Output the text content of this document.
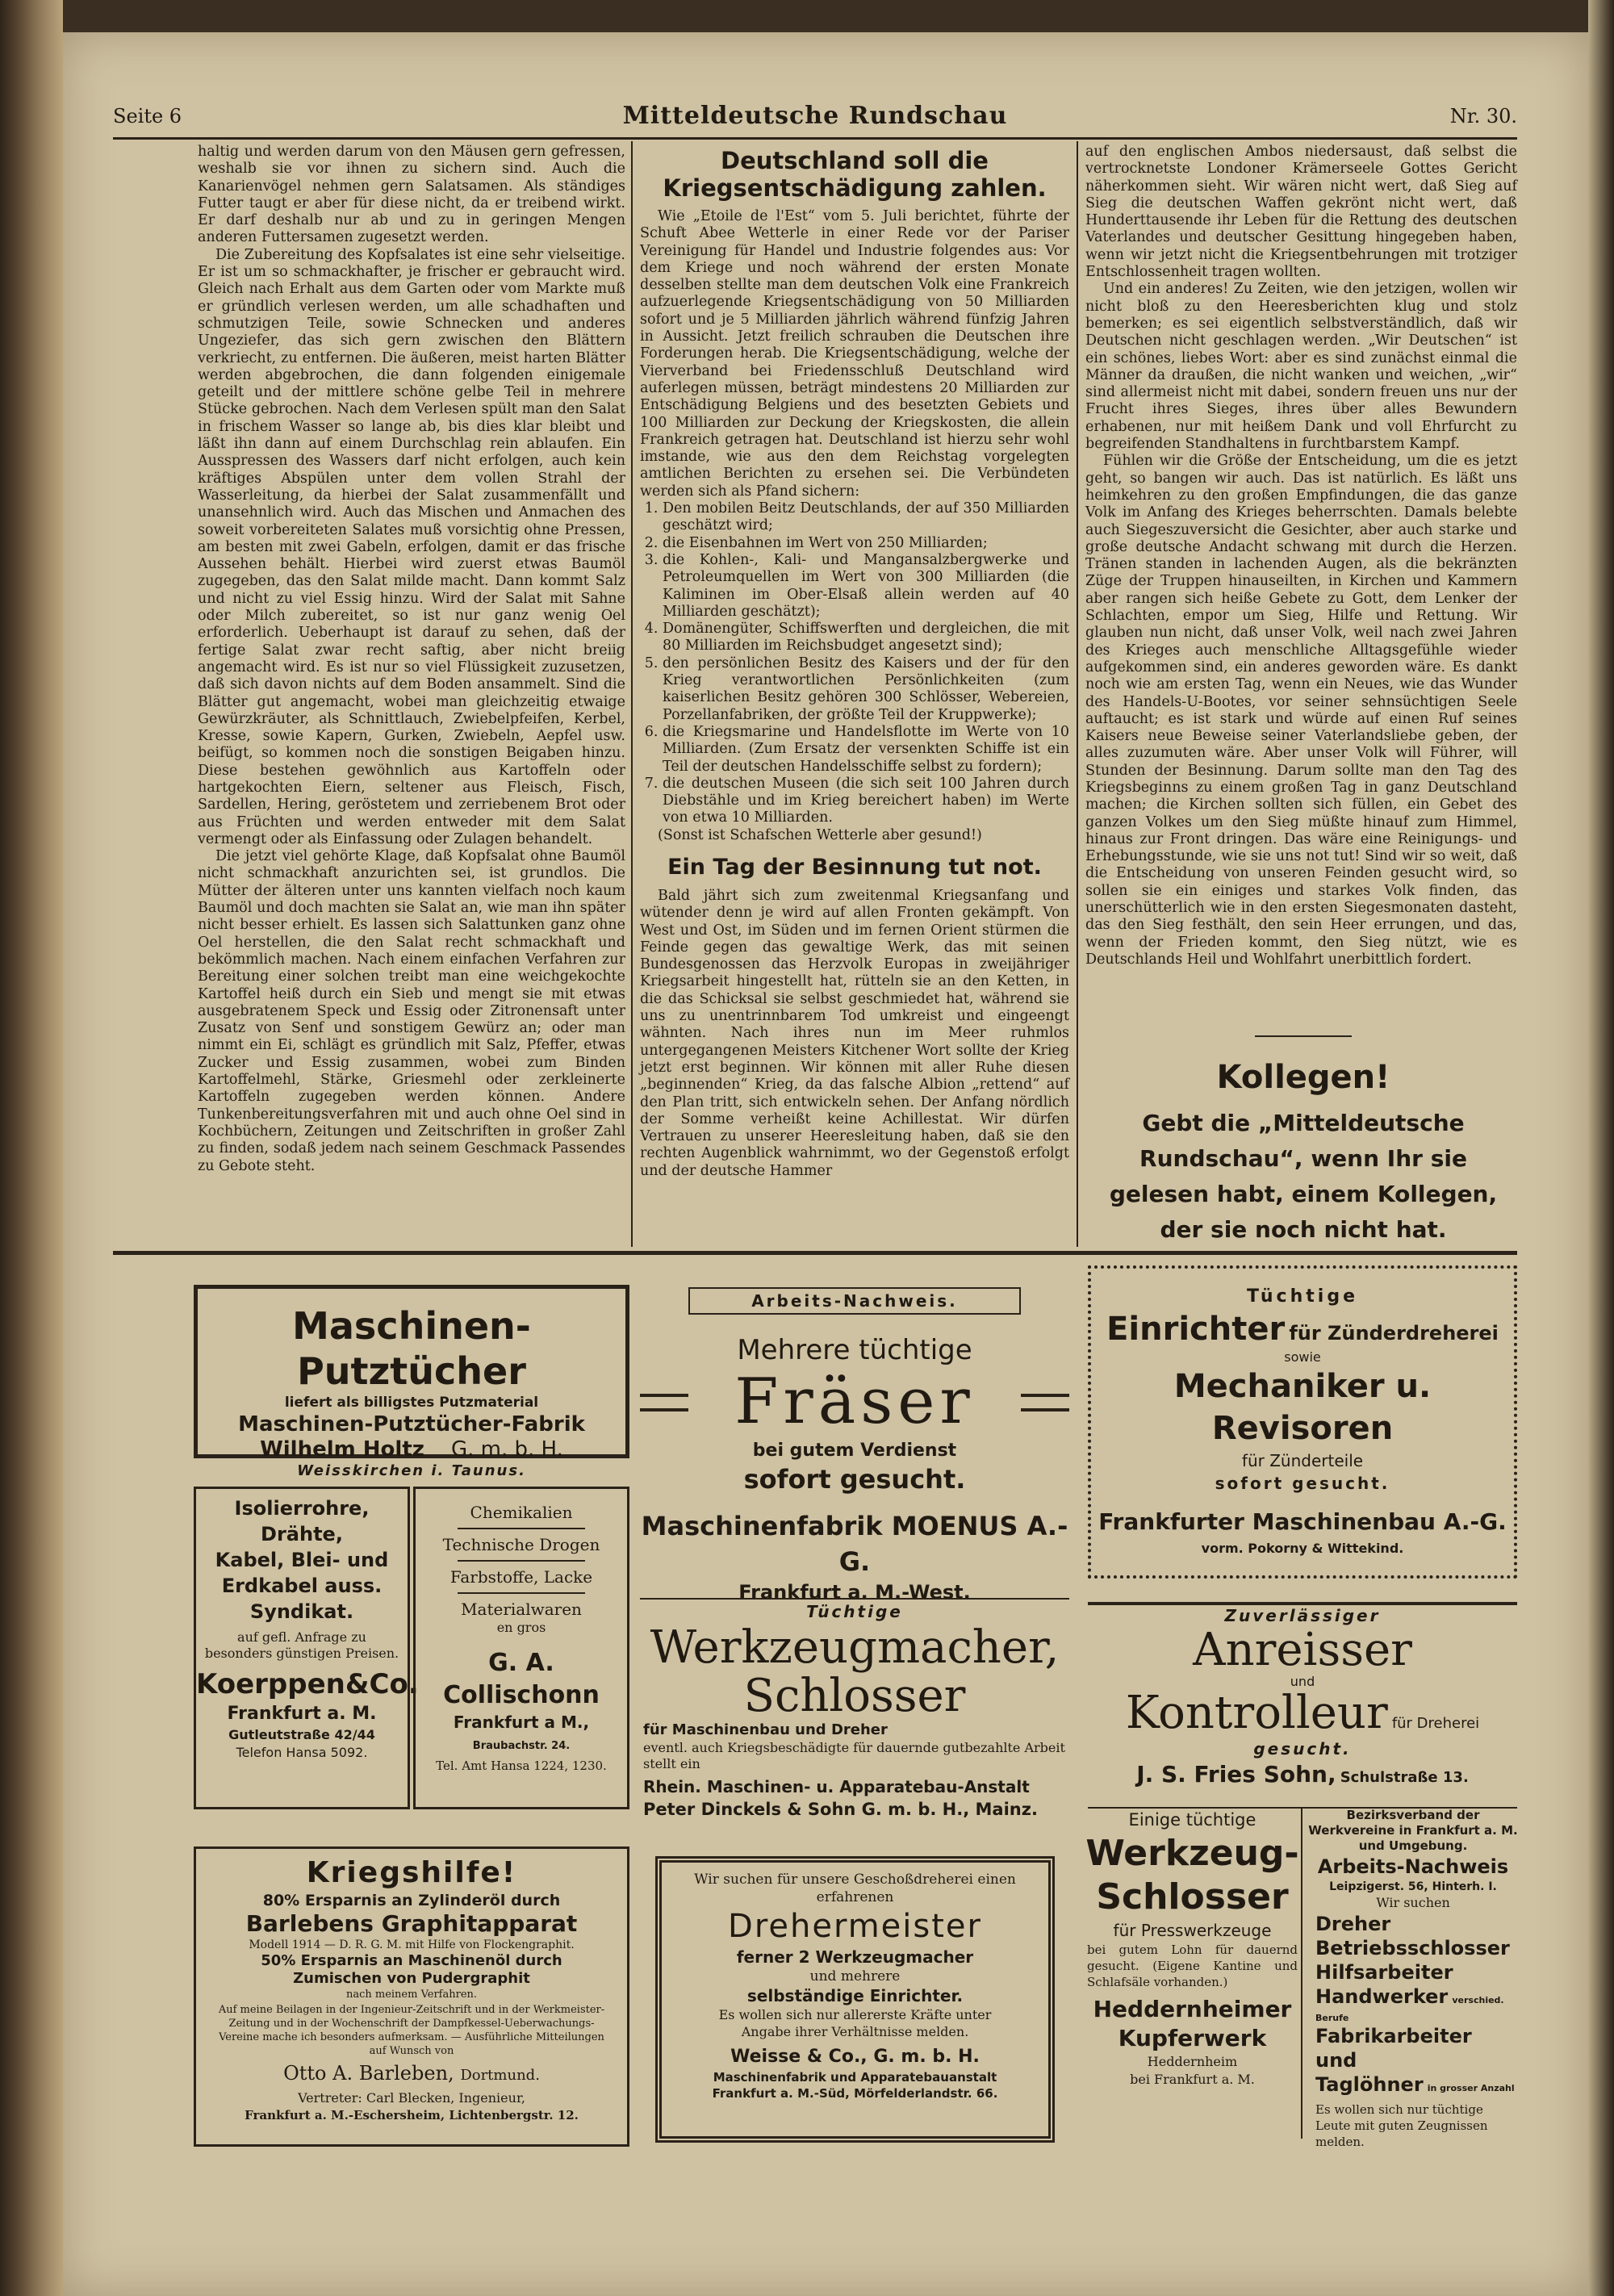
Seite 6	Mitteldeutsche Rundschau	Nr. 30.

haltig und werden darum von den Mäusen gern gefressen, weshalb sie vor ihnen zu sichern sind. Auch die Kanarienvögel nehmen gern Salatsamen. Als ständiges Futter taugt er aber für diese nicht, da er treibend wirkt. Er darf deshalb nur ab und zu in geringen Mengen anderen Futtersamen zugesetzt werden.

Die Zubereitung des Kopfsalates ist eine sehr vielseitige. Er ist um so schmackhafter, je frischer er gebraucht wird. Gleich nach Erhalt aus dem Garten oder vom Markte muß er gründlich verlesen werden, um alle schadhaften und schmutzigen Teile, sowie Schnecken und anderes Ungeziefer, das sich gern zwischen den Blättern verkriecht, zu entfernen. Die äußeren, meist harten Blätter werden abgebrochen, die dann folgenden einigemale geteilt und der mittlere schöne gelbe Teil in mehrere Stücke gebrochen. Nach dem Verlesen spült man den Salat in frischem Wasser so lange ab, bis dies klar bleibt und läßt ihn dann auf einem Durchschlag rein ablaufen. Ein Ausspressen des Wassers darf nicht erfolgen, auch kein kräftiges Abspülen unter dem vollen Strahl der Wasserleitung, da hierbei der Salat zusammenfällt und unansehnlich wird. Auch das Mischen und Anmachen des soweit vorbereiteten Salates muß vorsichtig ohne Pressen, am besten mit zwei Gabeln, erfolgen, damit er das frische Aussehen behält. Hierbei wird zuerst etwas Baumöl zugegeben, das den Salat milde macht. Dann kommt Salz und nicht zu viel Essig hinzu. Wird der Salat mit Sahne oder Milch zubereitet, so ist nur ganz wenig Oel erforderlich. Ueberhaupt ist darauf zu sehen, daß der fertige Salat zwar recht saftig, aber nicht breiig angemacht wird. Es ist nur so viel Flüssigkeit zuzusetzen, daß sich davon nichts auf dem Boden ansammelt. Sind die Blätter gut angemacht, wobei man gleichzeitig etwaige Gewürzkräuter, als Schnittlauch, Zwiebelpfeifen, Kerbel, Kresse, sowie Kapern, Gurken, Zwiebeln, Aepfel usw. beifügt, so kommen noch die sonstigen Beigaben hinzu. Diese bestehen gewöhnlich aus Kartoffeln oder hartgekochten Eiern, seltener aus Fleisch, Fisch, Sardellen, Hering, geröstetem und zerriebenem Brot oder aus Früchten und werden entweder mit dem Salat vermengt oder als Einfassung oder Zulagen behandelt.

Die jetzt viel gehörte Klage, daß Kopfsalat ohne Baumöl nicht schmackhaft anzurichten sei, ist grundlos. Die Mütter der älteren unter uns kannten vielfach noch kaum Baumöl und doch machten sie Salat an, wie man ihn später nicht besser erhielt. Es lassen sich Salattunken ganz ohne Oel herstellen, die den Salat recht schmackhaft und bekömmlich machen. Nach einem einfachen Verfahren zur Bereitung einer solchen treibt man eine weichgekochte Kartoffel heiß durch ein Sieb und mengt sie mit etwas ausgebratenem Speck und Essig oder Zitronensaft unter Zusatz von Senf und sonstigem Gewürz an; oder man nimmt ein Ei, schlägt es gründlich mit Salz, Pfeffer, etwas Zucker und Essig zusammen, wobei zum Binden Kartoffelmehl, Stärke, Griesmehl oder zerkleinerte Kartoffeln zugegeben werden können. Andere Tunkenbereitungsverfahren mit und auch ohne Oel sind in Kochbüchern, Zeitungen und Zeitschriften in großer Zahl zu finden, sodaß jedem nach seinem Geschmack Passendes zu Gebote steht.

Deutschland soll die Kriegsentschädigung zahlen.

Wie „Etoile de l'Est“ vom 5. Juli berichtet, führte der Schuft Abee Wetterle in einer Rede vor der Pariser Vereinigung für Handel und Industrie folgendes aus: Vor dem Kriege und noch während der ersten Monate desselben stellte man dem deutschen Volk eine Frankreich aufzuerlegende Kriegsentschädigung von 50 Milliarden sofort und je 5 Milliarden jährlich während fünfzig Jahren in Aussicht. Jetzt freilich schrauben die Deutschen ihre Forderungen herab. Die Kriegsentschädigung, welche der Vierverband bei Friedensschluß Deutschland wird auferlegen müssen, beträgt mindestens 20 Milliarden zur Entschädigung Belgiens und des besetzten Gebiets und 100 Milliarden zur Deckung der Kriegskosten, die allein Frankreich getragen hat. Deutschland ist hierzu sehr wohl imstande, wie aus den dem Reichstag vorgelegten amtlichen Berichten zu ersehen sei. Die Verbündeten werden sich als Pfand sichern:

1. Den mobilen Beitz Deutschlands, der auf 350 Milliarden geschätzt wird;
2. die Eisenbahnen im Wert von 250 Milliarden;
3. die Kohlen-, Kali- und Mangansalzbergwerke und Petroleumquellen im Wert von 300 Milliarden (die Kaliminen im Ober-Elsaß allein werden auf 40 Milliarden geschätzt);
4. Domänengüter, Schiffswerften und dergleichen, die mit 80 Milliarden im Reichsbudget angesetzt sind);
5. den persönlichen Besitz des Kaisers und der für den Krieg verantwortlichen Persönlichkeiten (zum kaiserlichen Besitz gehören 300 Schlösser, Webereien, Porzellanfabriken, der größte Teil der Kruppwerke);
6. die Kriegsmarine und Handelsflotte im Werte von 10 Milliarden. (Zum Ersatz der versenkten Schiffe ist ein Teil der deutschen Handelsschiffe selbst zu fordern);
7. die deutschen Museen (die sich seit 100 Jahren durch Diebstähle und im Krieg bereichert haben) im Werte von etwa 10 Milliarden.

(Sonst ist Schafschen Wetterle aber gesund!)

Ein Tag der Besinnung tut not.

Bald jährt sich zum zweitenmal Kriegsanfang und wütender denn je wird auf allen Fronten gekämpft. Von West und Ost, im Süden und im fernen Orient stürmen die Feinde gegen das gewaltige Werk, das mit seinen Bundesgenossen das Herzvolk Europas in zweijähriger Kriegsarbeit hingestellt hat, rütteln sie an den Ketten, in die das Schicksal sie selbst geschmiedet hat, während sie uns zu unentrinnbarem Tod umkreist und eingeengt wähnten. Nach ihres nun im Meer ruhmlos untergegangenen Meisters Kitchener Wort sollte der Krieg jetzt erst beginnen. Wir können mit aller Ruhe diesen „beginnenden“ Krieg, da das falsche Albion „rettend“ auf den Plan tritt, sich entwickeln sehen. Der Anfang nördlich der Somme verheißt keine Achillestat. Wir dürfen Vertrauen zu unserer Heeresleitung haben, daß sie den rechten Augenblick wahrnimmt, wo der Gegenstoß erfolgt und der deutsche Hammer

auf den englischen Ambos niedersaust, daß selbst die vertrocknetste Londoner Krämerseele Gottes Gericht näherkommen sieht. Wir wären nicht wert, daß Sieg auf Sieg die deutschen Waffen gekrönt nicht wert, daß Hunderttausende ihr Leben für die Rettung des deutschen Vaterlandes und deutscher Gesittung hingegeben haben, wenn wir jetzt nicht die Kriegsentbehrungen mit trotziger Entschlossenheit tragen wollten.

Und ein anderes! Zu Zeiten, wie den jetzigen, wollen wir nicht bloß zu den Heeresberichten klug und stolz bemerken; es sei eigentlich selbstverständlich, daß wir Deutschen nicht geschlagen werden. „Wir Deutschen“ ist ein schönes, liebes Wort: aber es sind zunächst einmal die Männer da draußen, die nicht wanken und weichen, „wir“ sind allermeist nicht mit dabei, sondern freuen uns nur der Frucht ihres Sieges, ihres über alles Bewundern erhabenen, nur mit heißem Dank und voll Ehrfurcht zu begreifenden Standhaltens in furchtbarstem Kampf.

Fühlen wir die Größe der Entscheidung, um die es jetzt geht, so bangen wir auch. Das ist natürlich. Es läßt uns heimkehren zu den großen Empfindungen, die das ganze Volk im Anfang des Krieges beherrschten. Damals belebte auch Siegeszuversicht die Gesichter, aber auch starke und große deutsche Andacht schwang mit durch die Herzen. Tränen standen in lachenden Augen, als die bekränzten Züge der Truppen hinauseilten, in Kirchen und Kammern aber rangen sich heiße Gebete zu Gott, dem Lenker der Schlachten, empor um Sieg, Hilfe und Rettung. Wir glauben nun nicht, daß unser Volk, weil nach zwei Jahren des Krieges auch menschliche Alltagsgefühle wieder aufgekommen sind, ein anderes geworden wäre. Es dankt noch wie am ersten Tag, wenn ein Neues, wie das Wunder des Handels-U-Bootes, vor seiner sehnsüchtigen Seele auftaucht; es ist stark und würde auf einen Ruf seines Kaisers neue Beweise seiner Vaterlandsliebe geben, der alles zuzumuten wäre. Aber unser Volk will Führer, will Stunden der Besinnung. Darum sollte man den Tag des Kriegsbeginns zu einem großen Tag in ganz Deutschland machen; die Kirchen sollten sich füllen, ein Gebet des ganzen Volkes um den Sieg müßte hinauf zum Himmel, hinaus zur Front dringen. Das wäre eine Reinigungs- und Erhebungsstunde, wie sie uns not tut! Sind wir so weit, daß die Entscheidung von unseren Feinden gesucht wird, so sollen sie ein einiges und starkes Volk finden, das unerschütterlich wie in den ersten Siegesmonaten dasteht, das den Sieg festhält, den sein Heer errungen, und das, wenn der Frieden kommt, den Sieg nützt, wie es Deutschlands Heil und Wohlfahrt unerbittlich fordert.

Kollegen!
Gebt die „Mitteldeutsche Rundschau“, wenn Ihr sie gelesen habt, einem Kollegen, der sie noch nicht hat.
Maschinen-Putztücher
liefert als billigstes Putzmaterial
Maschinen-Putztücher-Fabrik
Wilhelm Holtz G. m. b. H.
Weisskirchen i. Taunus.
Isolierrohre, Drähte,
Kabel, Blei- und
Erdkabel auss.
Syndikat.
auf gefl. Anfrage zu besonders günstigen Preisen.
Koerppen&Co.
Frankfurt a. M.
Gutleutstraße 42/44
Telefon Hansa 5092.
Chemikalien
Technische Drogen
Farbstoffe, Lacke
Materialwaren
en gros
G. A. Collischonn
Frankfurt a M., Braubachstr. 24.
Tel. Amt Hansa 1224, 1230.
Kriegshilfe!
80% Ersparnis an Zylinderöl durch
Barlebens Graphitapparat
Modell 1914 — D. R. G. M. mit Hilfe von Flockengraphit.
50% Ersparnis an Maschinenöl durch Zumischen von Pudergraphit
nach meinem Verfahren.
Auf meine Beilagen in der Ingenieur-Zeitschrift und in der Werkmeister-Zeitung und in der Wochenschrift der Dampfkessel-Ueberwachungs-Vereine mache ich besonders aufmerksam. — Ausführliche Mitteilungen auf Wunsch von
Otto A. Barleben, Dortmund.
Vertreter: Carl Blecken, Ingenieur,
Frankfurt a. M.-Eschersheim, Lichtenbergstr. 12.
Arbeits-Nachweis.
Mehrere tüchtige
Fräser
bei gutem Verdienst
sofort gesucht.
Maschinenfabrik MOENUS A.-G.
Frankfurt a. M.-West.
Tüchtige
Werkzeugmacher,
Schlosser
für Maschinenbau und Dreher
eventl. auch Kriegsbeschädigte für dauernde gutbezahlte Arbeit stellt ein
Rhein. Maschinen- u. Apparatebau-Anstalt
Peter Dinckels & Sohn G. m. b. H., Mainz.
Wir suchen für unsere Geschoßdreherei einen erfahrenen
Drehermeister
ferner 2 Werkzeugmacher
und mehrere
selbständige Einrichter.
Es wollen sich nur allererste Kräfte unter Angabe ihrer Verhältnisse melden.
Weisse & Co., G. m. b. H.
Maschinenfabrik und Apparatebauanstalt
Frankfurt a. M.-Süd, Mörfelderlandstr. 66.
Tüchtige
Einrichter für Zünderdreherei
sowie
Mechaniker u. Revisoren
für Zünderteile
sofort gesucht.
Frankfurter Maschinenbau A.-G.
vorm. Pokorny & Wittekind.
Zuverlässiger
Anreisser
und
Kontrolleur für Dreherei
gesucht.
J. S. Fries Sohn, Schulstraße 13.
Einige tüchtige
Werkzeug-
Schlosser
für Presswerkzeuge
bei gutem Lohn für dauernd gesucht. (Eigene Kantine und Schlafsäle vorhanden.)
Heddernheimer
Kupferwerk
Heddernheim
bei Frankfurt a. M.
Bezirksverband der Werkvereine in Frankfurt a. M. und Umgebung.
Arbeits-Nachweis
Leipzigerst. 56, Hinterh. I.
Wir suchen
Dreher
Betriebsschlosser
Hilfsarbeiter
Handwerker verschied. Berufe
Fabrikarbeiter und
Taglöhner in grosser Anzahl
Es wollen sich nur tüchtige Leute mit guten Zeugnissen melden.
